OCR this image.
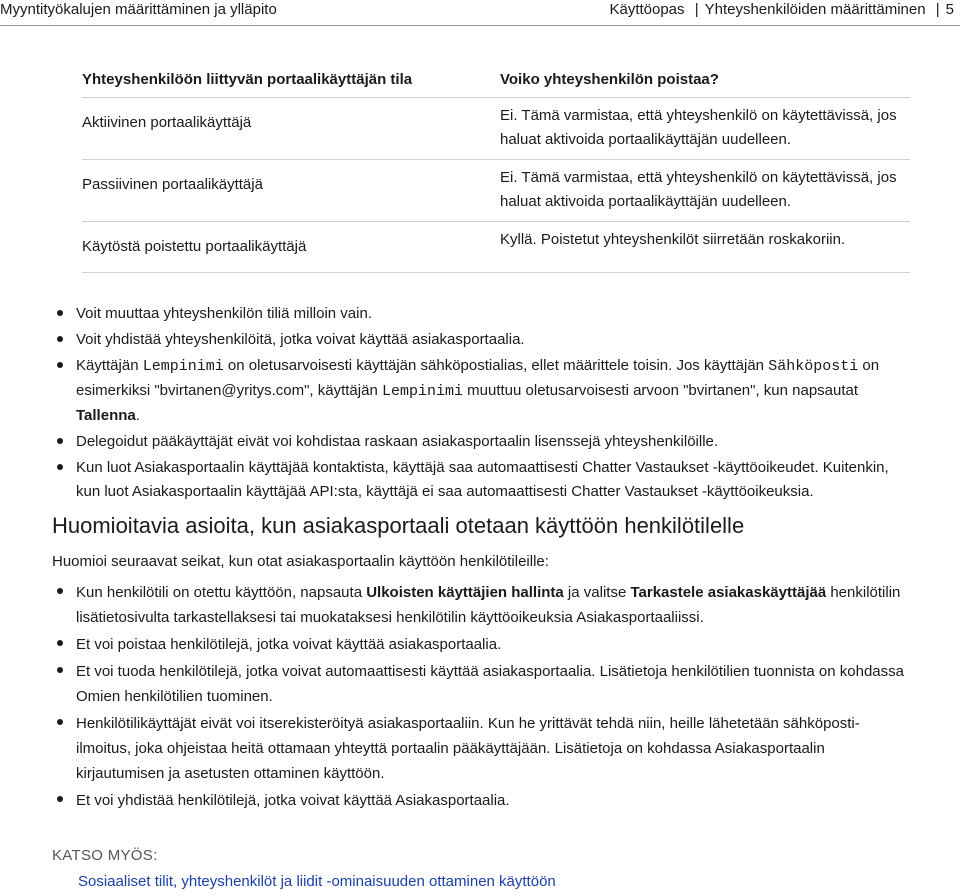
Myyntityökalujen määrittäminen ja ylläpito	Käyttöopas | Yhteyshenkilöiden määrittäminen | 5
Yhteyshenkilöön liittyvän portaalikäyttäjän tila	Voiko yhteyshenkilön poistaa?
Aktiivinen portaalikäyttäjä	Ei. Tämä varmistaa, että yhteyshenkilö on käytettävissä, jos haluat aktivoida portaalikäyttäjän uudelleen.
Passiivinen portaalikäyttäjä	Ei. Tämä varmistaa, että yhteyshenkilö on käytettävissä, jos haluat aktivoida portaalikäyttäjän uudelleen.
Käytöstä poistettu portaalikäyttäjä	Kyllä. Poistetut yhteyshenkilöt siirretään roskakoriin.
Voit muuttaa yhteyshenkilön tiliä milloin vain.
Voit yhdistää yhteyshenkilöitä, jotka voivat käyttää asiakasportaalia.
Käyttäjän Lempinimi on oletusarvoisesti käyttäjän sähköpostialias, ellet määrittele toisin. Jos käyttäjän Sähköposti on esimerkiksi "bvirtanen@yritys.com", käyttäjän Lempinimi muuttuu oletusarvoisesti arvoon "bvirtanen", kun napsautat Tallenna.
Delegoidut pääkäyttäjät eivät voi kohdistaa raskaan asiakasportaalin lisenssejä yhteyshenkilöille.
Kun luot Asiakasportaalin käyttäjää kontaktista, käyttäjä saa automaattisesti Chatter Vastaukset -käyttöoikeudet. Kuitenkin, kun luot Asiakasportaalin käyttäjää API:sta, käyttäjä ei saa automaattisesti Chatter Vastaukset -käyttöoikeuksia.
Huomioitavia asioita, kun asiakasportaali otetaan käyttöön henkilötilelle
Huomioi seuraavat seikat, kun otat asiakasportaalin käyttöön henkilötileille:
Kun henkilötili on otettu käyttöön, napsauta Ulkoisten käyttäjien hallinta ja valitse Tarkastele asiakaskäyttäjää henkilötilin lisätietosivulta tarkastellaksesi tai muokataksesi henkilötilin käyttöoikeuksia Asiakasportaaliissi.
Et voi poistaa henkilötilejä, jotka voivat käyttää asiakasportaalia.
Et voi tuoda henkilötilejä, jotka voivat automaattisesti käyttää asiakasportaalia. Lisätietoja henkilötilien tuonnista on kohdassa Omien henkilötilien tuominen.
Henkilötilikäyttäjät eivät voi itserekisteröityä asiakasportaaliin. Kun he yrittävät tehdä niin, heille lähetetään sähköposti-ilmoitus, joka ohjeistaa heitä ottamaan yhteyttä portaalin pääkäyttäjään. Lisätietoja on kohdassa Asiakasportaalin kirjautumisen ja asetusten ottaminen käyttöön.
Et voi yhdistää henkilötilejä, jotka voivat käyttää Asiakasportaalia.
KATSO MYÖS:
Sosiaaliset tilit, yhteyshenkilöt ja liidit -ominaisuuden ottaminen käyttöön
